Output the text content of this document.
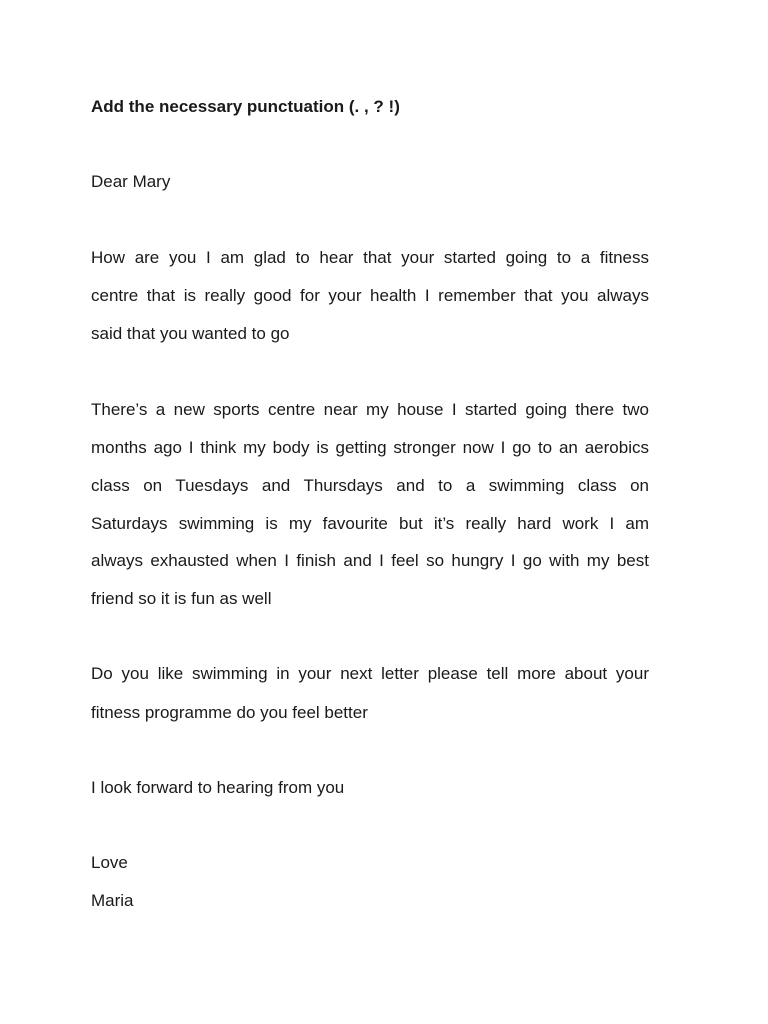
Add the necessary punctuation (. , ? !)

Dear Mary

How are you I am glad to hear that your started going to a fitness

centre that is really good for your health I remember that you always

said that you wanted to go

There’s a new sports centre near my house I started going there two

months ago I think my body is getting stronger now I go to an aerobics

class on Tuesdays and Thursdays and to a swimming class on

Saturdays swimming is my favourite but it’s really hard work I am

always exhausted when I finish and I feel so hungry I go with my best

friend so it is fun as well

Do you like swimming in your next letter please tell more about your

fitness programme do you feel better

I look forward to hearing from you

Love

Maria
